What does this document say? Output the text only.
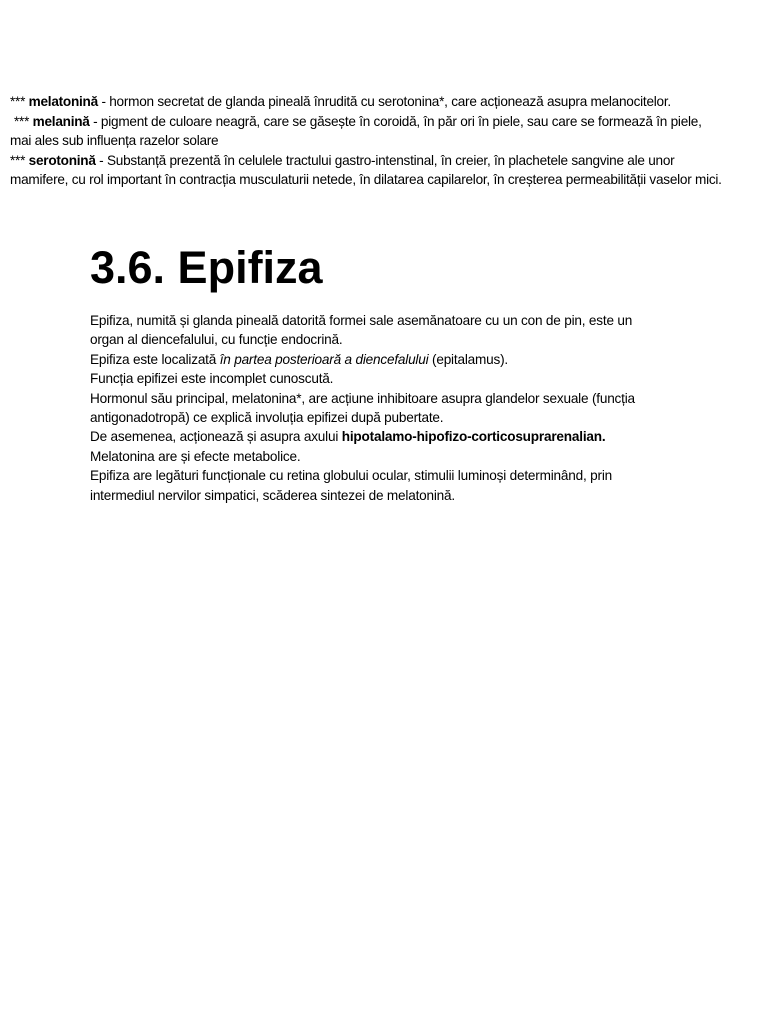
*** melatonină - hormon secretat de glanda pineală înrudită cu serotonina*, care acționează asupra melanocitelor.
*** melanină - pigment de culoare neagră, care se găsește în coroidă, în păr ori în piele, sau care se formează în piele,
mai ales sub influența razelor solare
*** serotonină - Substanță prezentă în celulele tractului gastro-intenstinal, în creier, în plachetele sangvine ale unor
mamifere, cu rol important în contracția musculaturii netede, în dilatarea capilarelor, în creșterea permeabilității vaselor mici.
3.6. Epifiza
Epifiza, numită și glanda pineală datorită formei sale asemănatoare cu un con de pin, este un
organ al diencefalului, cu funcție endocrină.
Epifiza este localizată în partea posterioară a diencefalului (epitalamus).
Funcția epifizei este incomplet cunoscută.
Hormonul său principal, melatonina*, are acțiune inhibitoare asupra glandelor sexuale (funcția
antigonadotropă) ce explică involuția epifizei după pubertate.
De asemenea, acționează și asupra axului hipotalamo-hipofizo-corticosuprarenalian.
Melatonina are și efecte metabolice.
Epifiza are legături funcționale cu retina globului ocular, stimulii luminoși determinând, prin
intermediul nervilor simpatici, scăderea sintezei de melatonină.
